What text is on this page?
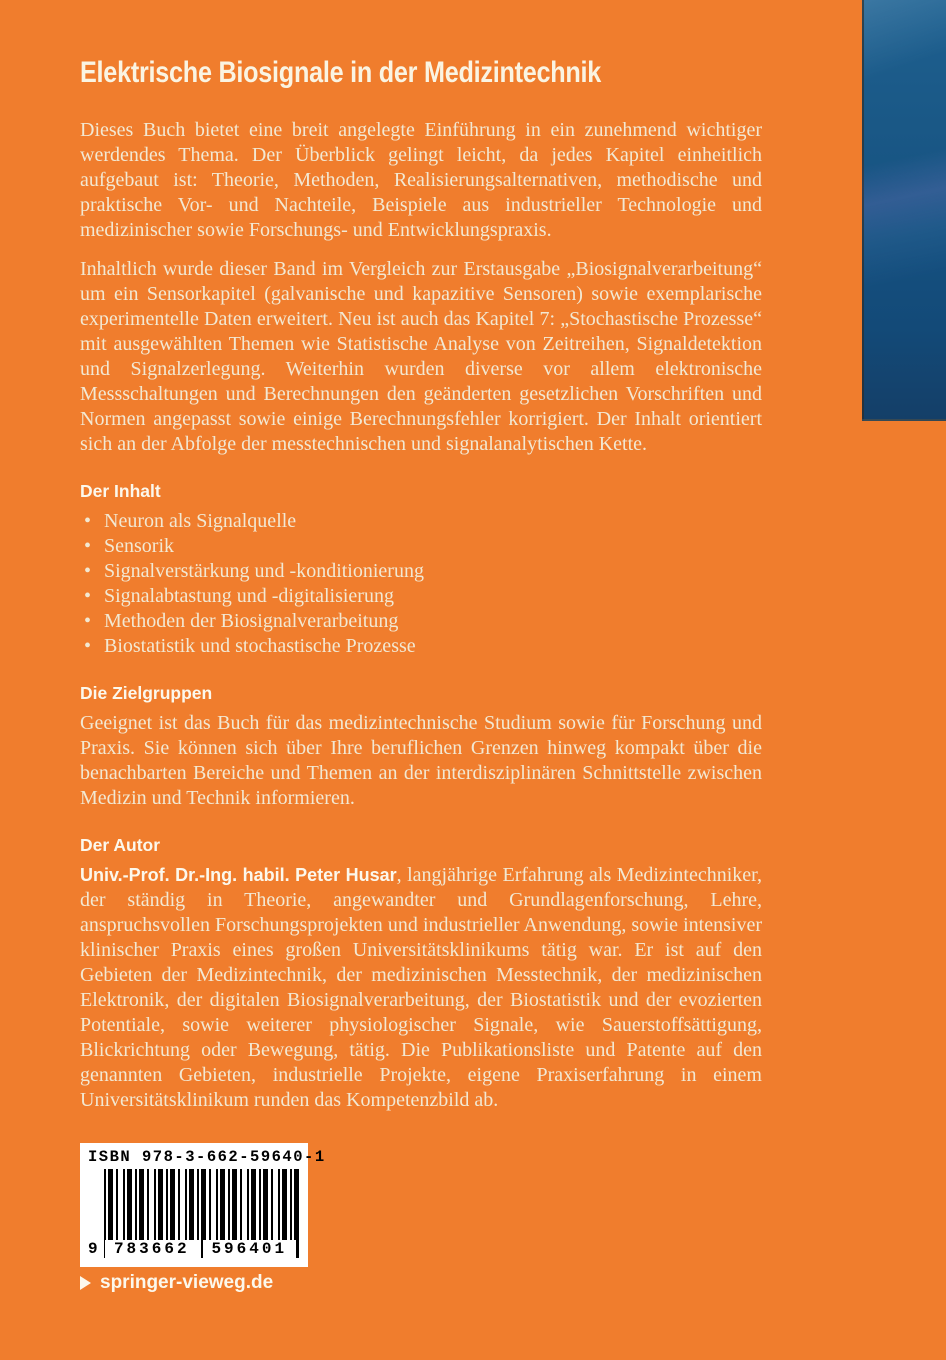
Elektrische Biosignale in der Medizintechnik

Dieses Buch bietet eine breit angelegte Einführung in ein zunehmend wichtiger werdendes Thema. Der Überblick gelingt leicht, da jedes Kapitel einheitlich aufgebaut ist: Theorie, Methoden, Realisierungsalternativen, methodische und praktische Vor- und Nachteile, Beispiele aus industrieller Technologie und medizinischer sowie Forschungs- und Entwicklungspraxis.

Inhaltlich wurde dieser Band im Vergleich zur Erstausgabe „Biosignalverarbeitung“ um ein Sensorkapitel (galvanische und kapazitive Sensoren) sowie exemplarische experimentelle Daten erweitert. Neu ist auch das Kapitel 7: „Stochastische Prozesse“ mit ausgewählten Themen wie Statistische Analyse von Zeitreihen, Signaldetektion und Signalzerlegung. Weiterhin wurden diverse vor allem elektronische Messschaltungen und Berechnungen den geänderten gesetzlichen Vorschriften und Normen angepasst sowie einige Berechnungsfehler korrigiert. Der Inhalt orientiert sich an der Abfolge der messtechnischen und signalanalytischen Kette.

Der Inhalt
• Neuron als Signalquelle
• Sensorik
• Signalverstärkung und -konditionierung
• Signalabtastung und -digitalisierung
• Methoden der Biosignalverarbeitung
• Biostatistik und stochastische Prozesse
Die Zielgruppen

Geeignet ist das Buch für das medizintechnische Studium sowie für Forschung und Praxis. Sie können sich über Ihre beruflichen Grenzen hinweg kompakt über die benachbarten Bereiche und Themen an der interdisziplinären Schnittstelle zwischen Medizin und Technik informieren.

Der Autor

Univ.-Prof. Dr.-Ing. habil. Peter Husar, langjährige Erfahrung als Medizintechniker, der ständig in Theorie, angewandter und Grundlagenforschung, Lehre, anspruchsvollen Forschungsprojekten und industrieller Anwendung, sowie intensiver klinischer Praxis eines großen Universitätsklinikums tätig war. Er ist auf den Gebieten der Medizintechnik, der medizinischen Messtechnik, der medizinischen Elektronik, der digitalen Biosignalverarbeitung, der Biostatistik und der evozierten Potentiale, sowie weiterer physiologischer Signale, wie Sauerstoffsättigung, Blickrichtung oder Bewegung, tätig. Die Publikationsliste und Patente auf den genannten Gebieten, industrielle Projekte, eigene Praxiserfahrung in einem Universitätsklinikum runden das Kompetenzbild ab.

ISBN 978-3-662-59640-1
9	783662	596401
springer-vieweg.de
